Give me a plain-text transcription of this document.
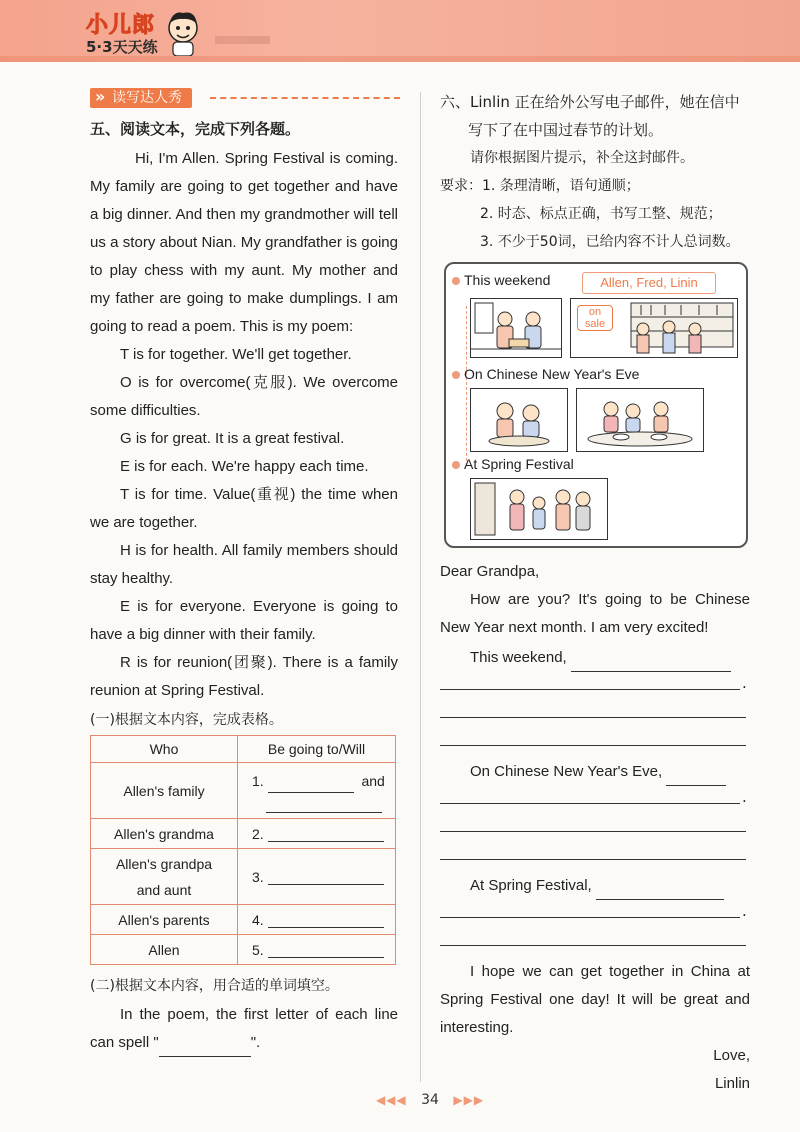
小儿郎
5·3天天练
» 读写达人秀
五、阅读文本，完成下列各题。

Hi, I'm Allen. Spring Festival is coming. My family are going to get together and have a big dinner. And then my grandmother will tell us a story about Nian. My grandfather is going to play chess with my aunt. My mother and my father are going to make dumplings. I am going to read a poem. This is my poem:

T is for together. We'll get together.

O is for overcome(克服). We overcome some difficulties.

G is for great. It is a great festival.

E is for each. We're happy each time.

T is for time. Value(重视) the time when we are together.

H is for health. All family members should stay healthy.

E is for everyone. Everyone is going to have a big dinner with their family.

R is for reunion(团聚). There is a family reunion at Spring Festival.

(一)根据文本内容，完成表格。
Who	Be going to/Will
Allen's family	1. and

Allen's grandma	2.
Allen's grandpa and aunt	3.
Allen's parents	4.
Allen	5.
(二)根据文本内容，用合适的单词填空。

In the poem, the first letter of each line can spell "	".

六、Linlin 正在给外公写电子邮件，她在信中

写下了在中国过春节的计划。

请你根据图片提示，补全这封邮件。

要求：1. 条理清晰，语句通顺；

2. 时态、标点正确，书写工整、规范；

3. 不少于50词，已给内容不计人总词数。

This weekend	Allen, Fred, Linin
on sale
On Chinese New Year's Eve
At Spring Festival

Dear Grandpa,

How are you? It's going to be Chinese New Year next month. I am very excited!

This weekend,

.

On Chinese New Year's Eve,

.

At Spring Festival,

.

I hope we can get together in China at Spring Festival one day! It will be great and interesting.

Love,

Linlin

◀◀◀ 34 ▶▶▶
